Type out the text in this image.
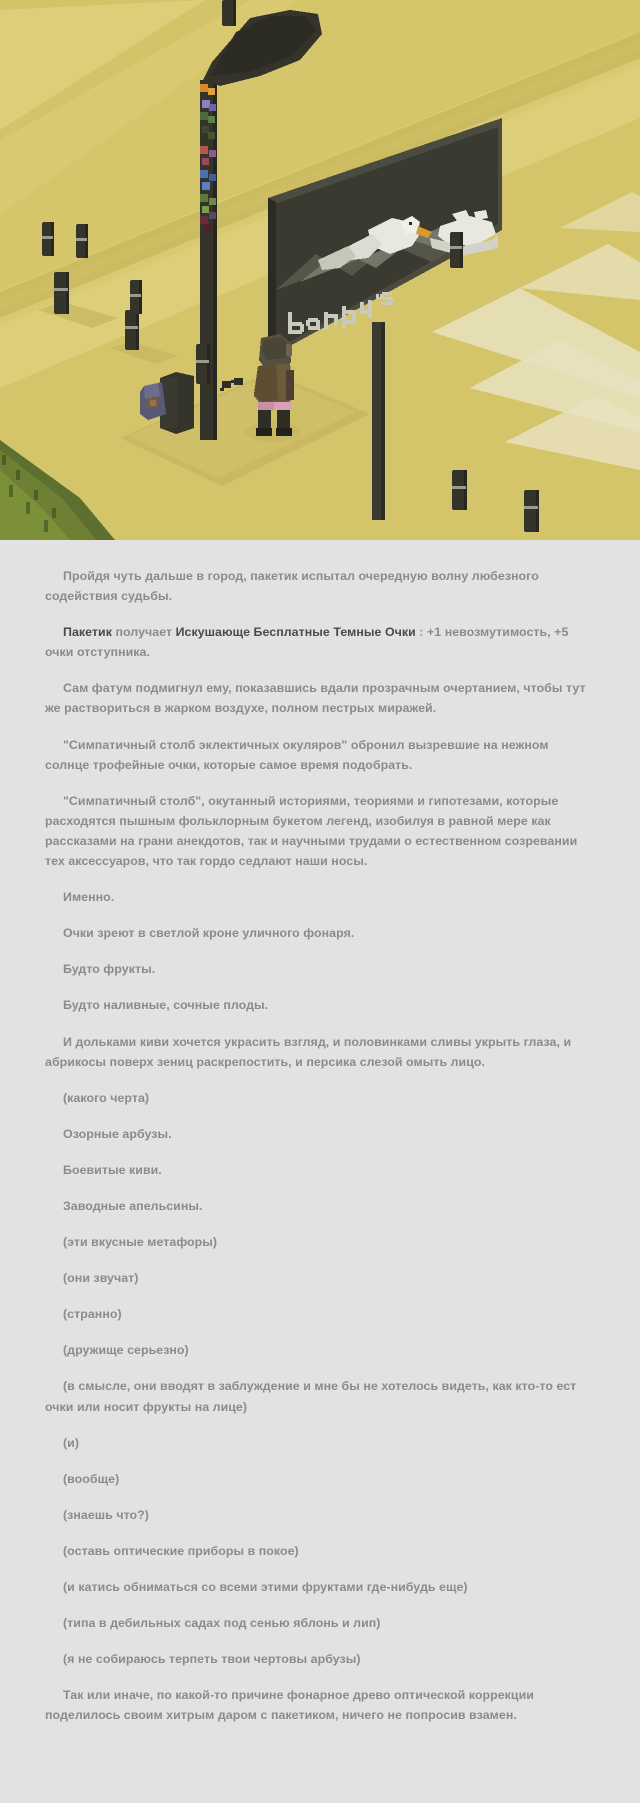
Пройдя чуть дальше в город, пакетик испытал очередную волну любезного содействия судьбы.

Пакетик получает Искушающе Бесплатные Темные Очки : +1 невозмутимость, +5 очки отступника.

Сам фатум подмигнул ему, показавшись вдали прозрачным очертанием, чтобы тут же раствориться в жарком воздухе, полном пестрых миражей.

"Симпатичный столб эклектичных окуляров" обронил вызревшие на нежном солнце трофейные очки, которые самое время подобрать.

"Симпатичный столб", окутанный историями, теориями и гипотезами, которые расходятся пышным фольклорным букетом легенд, изобилуя в равной мере как рассказами на грани анекдотов, так и научными трудами о естественном созревании тех аксессуаров, что так гордо седлают наши носы.

Именно.

Очки зреют в светлой кроне уличного фонаря.

Будто фрукты.

Будто наливные, сочные плоды.

И дольками киви хочется украсить взгляд, и половинками сливы укрыть глаза, и абрикосы поверх зениц раскрепостить, и персика слезой омыть лицо.

(какого черта)

Озорные арбузы.

Боевитые киви.

Заводные апельсины.

(эти вкусные метафоры)

(они звучат)

(странно)

(дружище серьезно)

(в смысле, они вводят в заблуждение и мне бы не хотелось видеть, как кто-то ест очки или носит фрукты на лице)

(и)

(вообще)

(знаешь что?)

(оставь оптические приборы в покое)

(и катись обниматься со всеми этими фруктами где-нибудь еще)

(типа в дебильных садах под сенью яблонь и лип)

(я не собираюсь терпеть твои чертовы арбузы)

Так или иначе, по какой-то причине фонарное древо оптической коррекции поделилось своим хитрым даром с пакетиком, ничего не попросив взамен.
